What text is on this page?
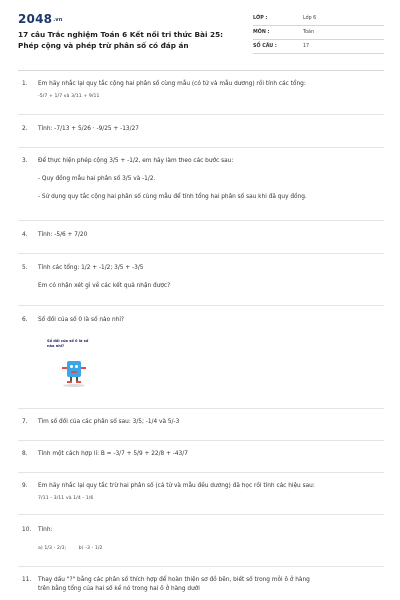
2048.vn
17 câu Trắc nghiệm Toán 6 Kết nối tri thức Bài 25: Phép cộng và phép trừ phân số có đáp án
LỚP :	Lớp 6
MÔN :	Toán
SỐ CÂU :	17
1.	Em hãy nhắc lại quy tắc cộng hai phân số cùng mẫu (có tử và mẫu dương) rồi tính các tổng:
-5/7 + 1/7 và 3/11 + 9/11
2.	Tính: -7/13 + 5/26 · -9/25 + -13/27
3.	Để thực hiện phép cộng 3/5 + -1/2, em hãy làm theo các bước sau:
- Quy đồng mẫu hai phân số 3/5 và -1/2.
- Sử dụng quy tắc cộng hai phân số cùng mẫu để tính tổng hai phân số sau khi đã quy đồng.
4.	Tính: -5/6 + 7/20
5.	Tính các tổng: 1/2 + -1/2; 3/5 + -3/5
Em có nhận xét gì về các kết quả nhận được?
6.	Số đối của số 0 là số nào nhỉ?
Số đối của số 0 là số nào nhỉ?
7.	Tìm số đối của các phân số sau: 3/5; -1/4 và 5/-3
8.	Tính một cách hợp lí: B = -3/7 + 5/9 + 22/8 + -43/7
9.	Em hãy nhắc lại quy tắc trừ hai phân số (cả tử và mẫu đều dương) đã học rồi tính các hiệu sau:
7/11 - 3/11 và 1/4 - 1/6
10.	Tính:
a) 1/3 - 2/3;        b) -3 - 1/2
11.	Thay dấu "?" bằng các phân số thích hợp để hoàn thiện sơ đồ bên, biết số trong mỗi ô ở hàng
trên bằng tổng của hai số kề nó trong hai ô ở hàng dưới
